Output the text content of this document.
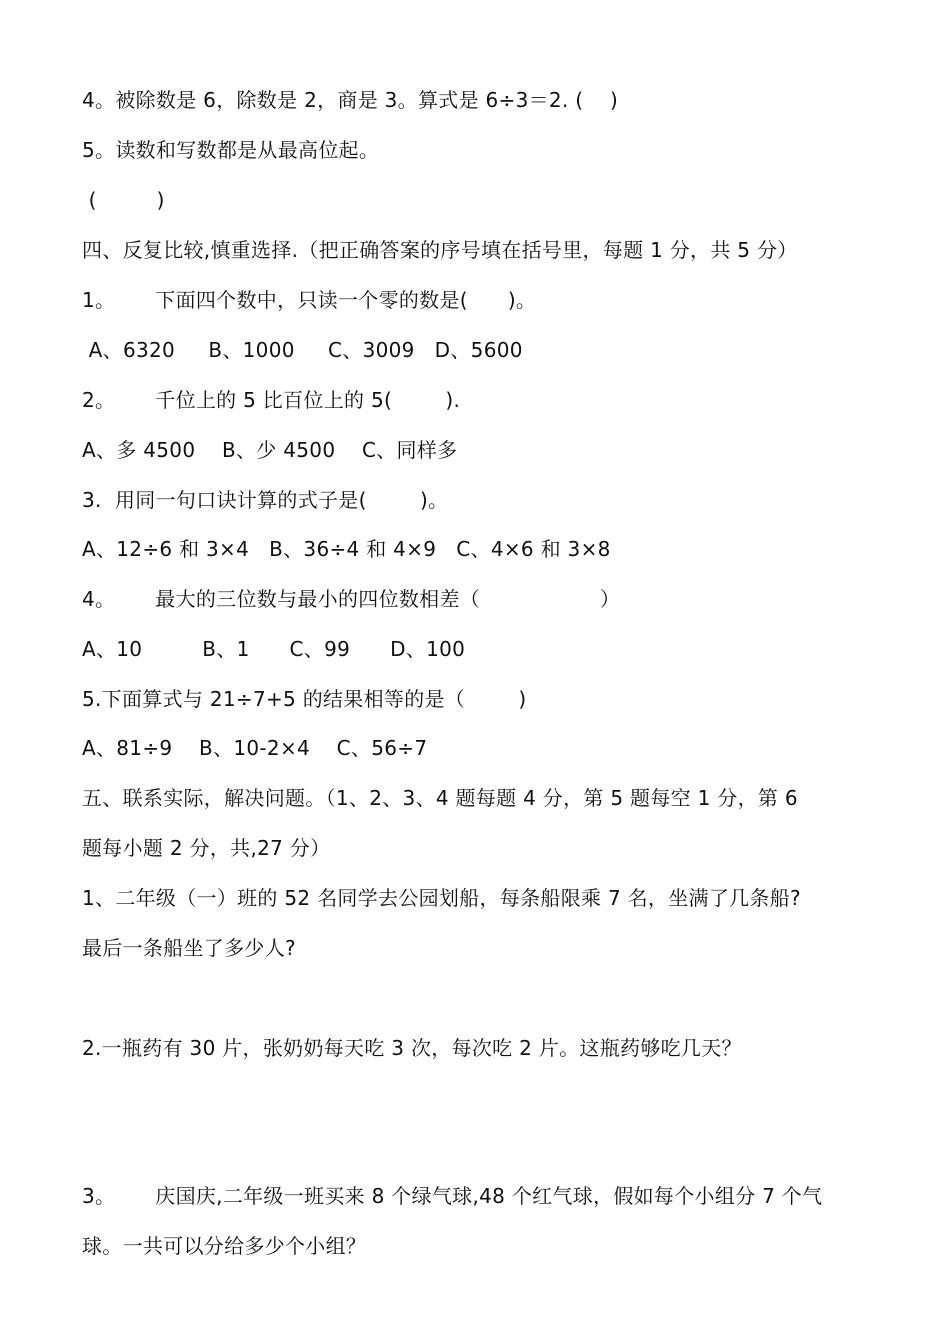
4。被除数是 6，除数是 2，商是 3。算式是 6÷3＝2. (    )
5。读数和写数都是从最高位起。
(         )
四、反复比较,慎重选择.（把正确答案的序号填在括号里，每题 1 分，共 5 分）
1。      下面四个数中，只读一个零的数是(      )。
A、6320     B、1000     C、3009   D、5600
2。      千位上的 5 比百位上的 5(        ).
A、多 4500    B、少 4500    C、同样多
3.  用同一句口诀计算的式子是(        )。
A、12÷6 和 3×4   B、36÷4 和 4×9   C、4×6 和 3×8
4。      最大的三位数与最小的四位数相差（                  ）
A、10         B、1      C、99      D、100
5.下面算式与 21÷7+5 的结果相等的是（        )
A、81÷9    B、10-2×4    C、56÷7
五、联系实际，解决问题。（1、2、3、4 题每题 4 分，第 5 题每空 1 分，第 6
题每小题 2 分，共,27 分）
1、二年级（一）班的 52 名同学去公园划船，每条船限乘 7 名，坐满了几条船?
最后一条船坐了多少人?
2.一瓶药有 30 片，张奶奶每天吃 3 次，每次吃 2 片。这瓶药够吃几天？
3。      庆国庆,二年级一班买来 8 个绿气球,48 个红气球，假如每个小组分 7 个气
球。一共可以分给多少个小组？
